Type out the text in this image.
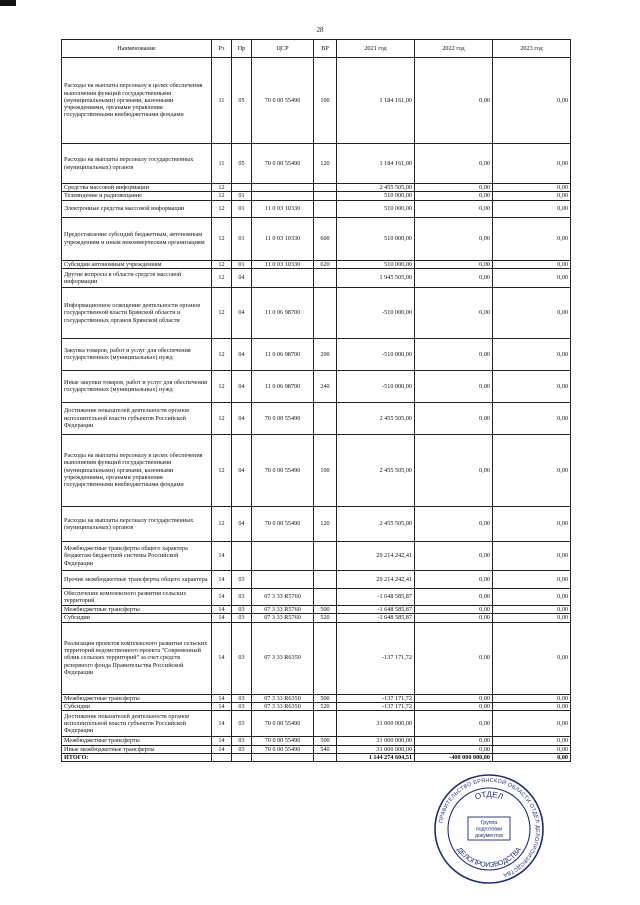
28
Наименование	Рз	Пр	ЦСР	ВР	2021 год	2022 год	2023 год
Расходы на выплаты персоналу в целях обеспечения выполнения функций государственными (муниципальными) органами, казенными учреждениями, органами управления государственными внебюджетными фондами	11	05	70 0 00 55490	100	1 184 161,00	0,00	0,00
Расходы на выплаты персоналу государственных (муниципальных) органов	11	05	70 0 00 55490	120	1 184 161,00	0,00	0,00
Средства массовой информации	12				2 455 505,00	0,00	0,00
Телевидение и радиовещание	12	01			510 000,00	0,00	0,00
Электронные средства массовой информации	12	01	11 0 03 10330		510 000,00	0,00	0,00
Предоставление субсидий бюджетным, автономным учреждениям и иным некоммерческим организациям	12	01	11 0 03 10330	600	510 000,00	0,00	0,00
Субсидии автономным учреждениям	12	01	11 0 03 10330	620	510 000,00	0,00	0,00
Другие вопросы в области средств массовой информации	12	04			1 945 505,00	0,00	0,00
Информационное освещение деятельности органов государственной власти Брянской области и государственных органов Брянской области	12	04	11 0 06 98700		-510 000,00	0,00	0,00
Закупка товаров, работ и услуг для обеспечения государственных (муниципальных) нужд	12	04	11 0 06 98700	200	-510 000,00	0,00	0,00
Иные закупки товаров, работ и услуг для обеспечения государственных (муниципальных) нужд	12	04	11 0 06 98700	240	-510 000,00	0,00	0,00
Достижение показателей деятельности органов исполнительной власти субъектов Российской Федерации	12	04	70 0 00 55490		2 455 505,00	0,00	0,00
Расходы на выплаты персоналу в целях обеспечения выполнения функций государственными (муниципальными) органами, казенными учреждениями, органами управления государственными внебюджетными фондами	12	04	70 0 00 55490	100	2 455 505,00	0,00	0,00
Расходы на выплаты персоналу государственных (муниципальных) органов	12	04	70 0 00 55490	120	2 455 505,00	0,00	0,00
Межбюджетные трансферты общего характера бюджетам бюджетной системы Российской Федерации	14				29 214 242,41	0,00	0,00
Прочие межбюджетные трансферты общего характера	14	03			29 214 242,41	0,00	0,00
Обеспечение комплексного развития сельских территорий	14	03	07 3 33 R5760		-1 648 585,87	0,00	0,00
Межбюджетные трансферты	14	03	07 3 33 R5760	500	-1 648 585,87	0,00	0,00
Субсидии	14	03	07 3 33 R5760	520	-1 648 585,87	0,00	0,00
Реализация проектов комплексного развития сельских территорий ведомственного проекта "Современный облик сельских территорий" за счет средств резервного фонда Правительства Российской Федерации	14	03	07 3 33 R6350		-137 171,72	0,00	0,00
Межбюджетные трансферты	14	03	07 3 33 R6350	500	-137 171,72	0,00	0,00
Субсидии	14	03	07 3 33 R6350	520	-137 171,72	0,00	0,00
Достижение показателей деятельности органов исполнительной власти субъектов Российской Федерации	14	03	70 0 00 55490		31 000 000,00	0,00	0,00
Межбюджетные трансферты	14	03	70 0 00 55490	500	31 000 000,00	0,00	0,00
Иные межбюджетные трансферты	14	03	70 0 00 55490	540	31 000 000,00	0,00	0,00
ИТОГО:					1 144 274 604,51	-400 000 000,00	0,00
ПРАВИТЕЛЬСТВО БРЯНСКОЙ ОБЛАСТИ ОТДЕЛ ДЕЛОПРОИЗВОДСТВА
ОТДЕЛ
ДЕЛОПРОИЗВОДСТВА
Группа
подготовки
документов
